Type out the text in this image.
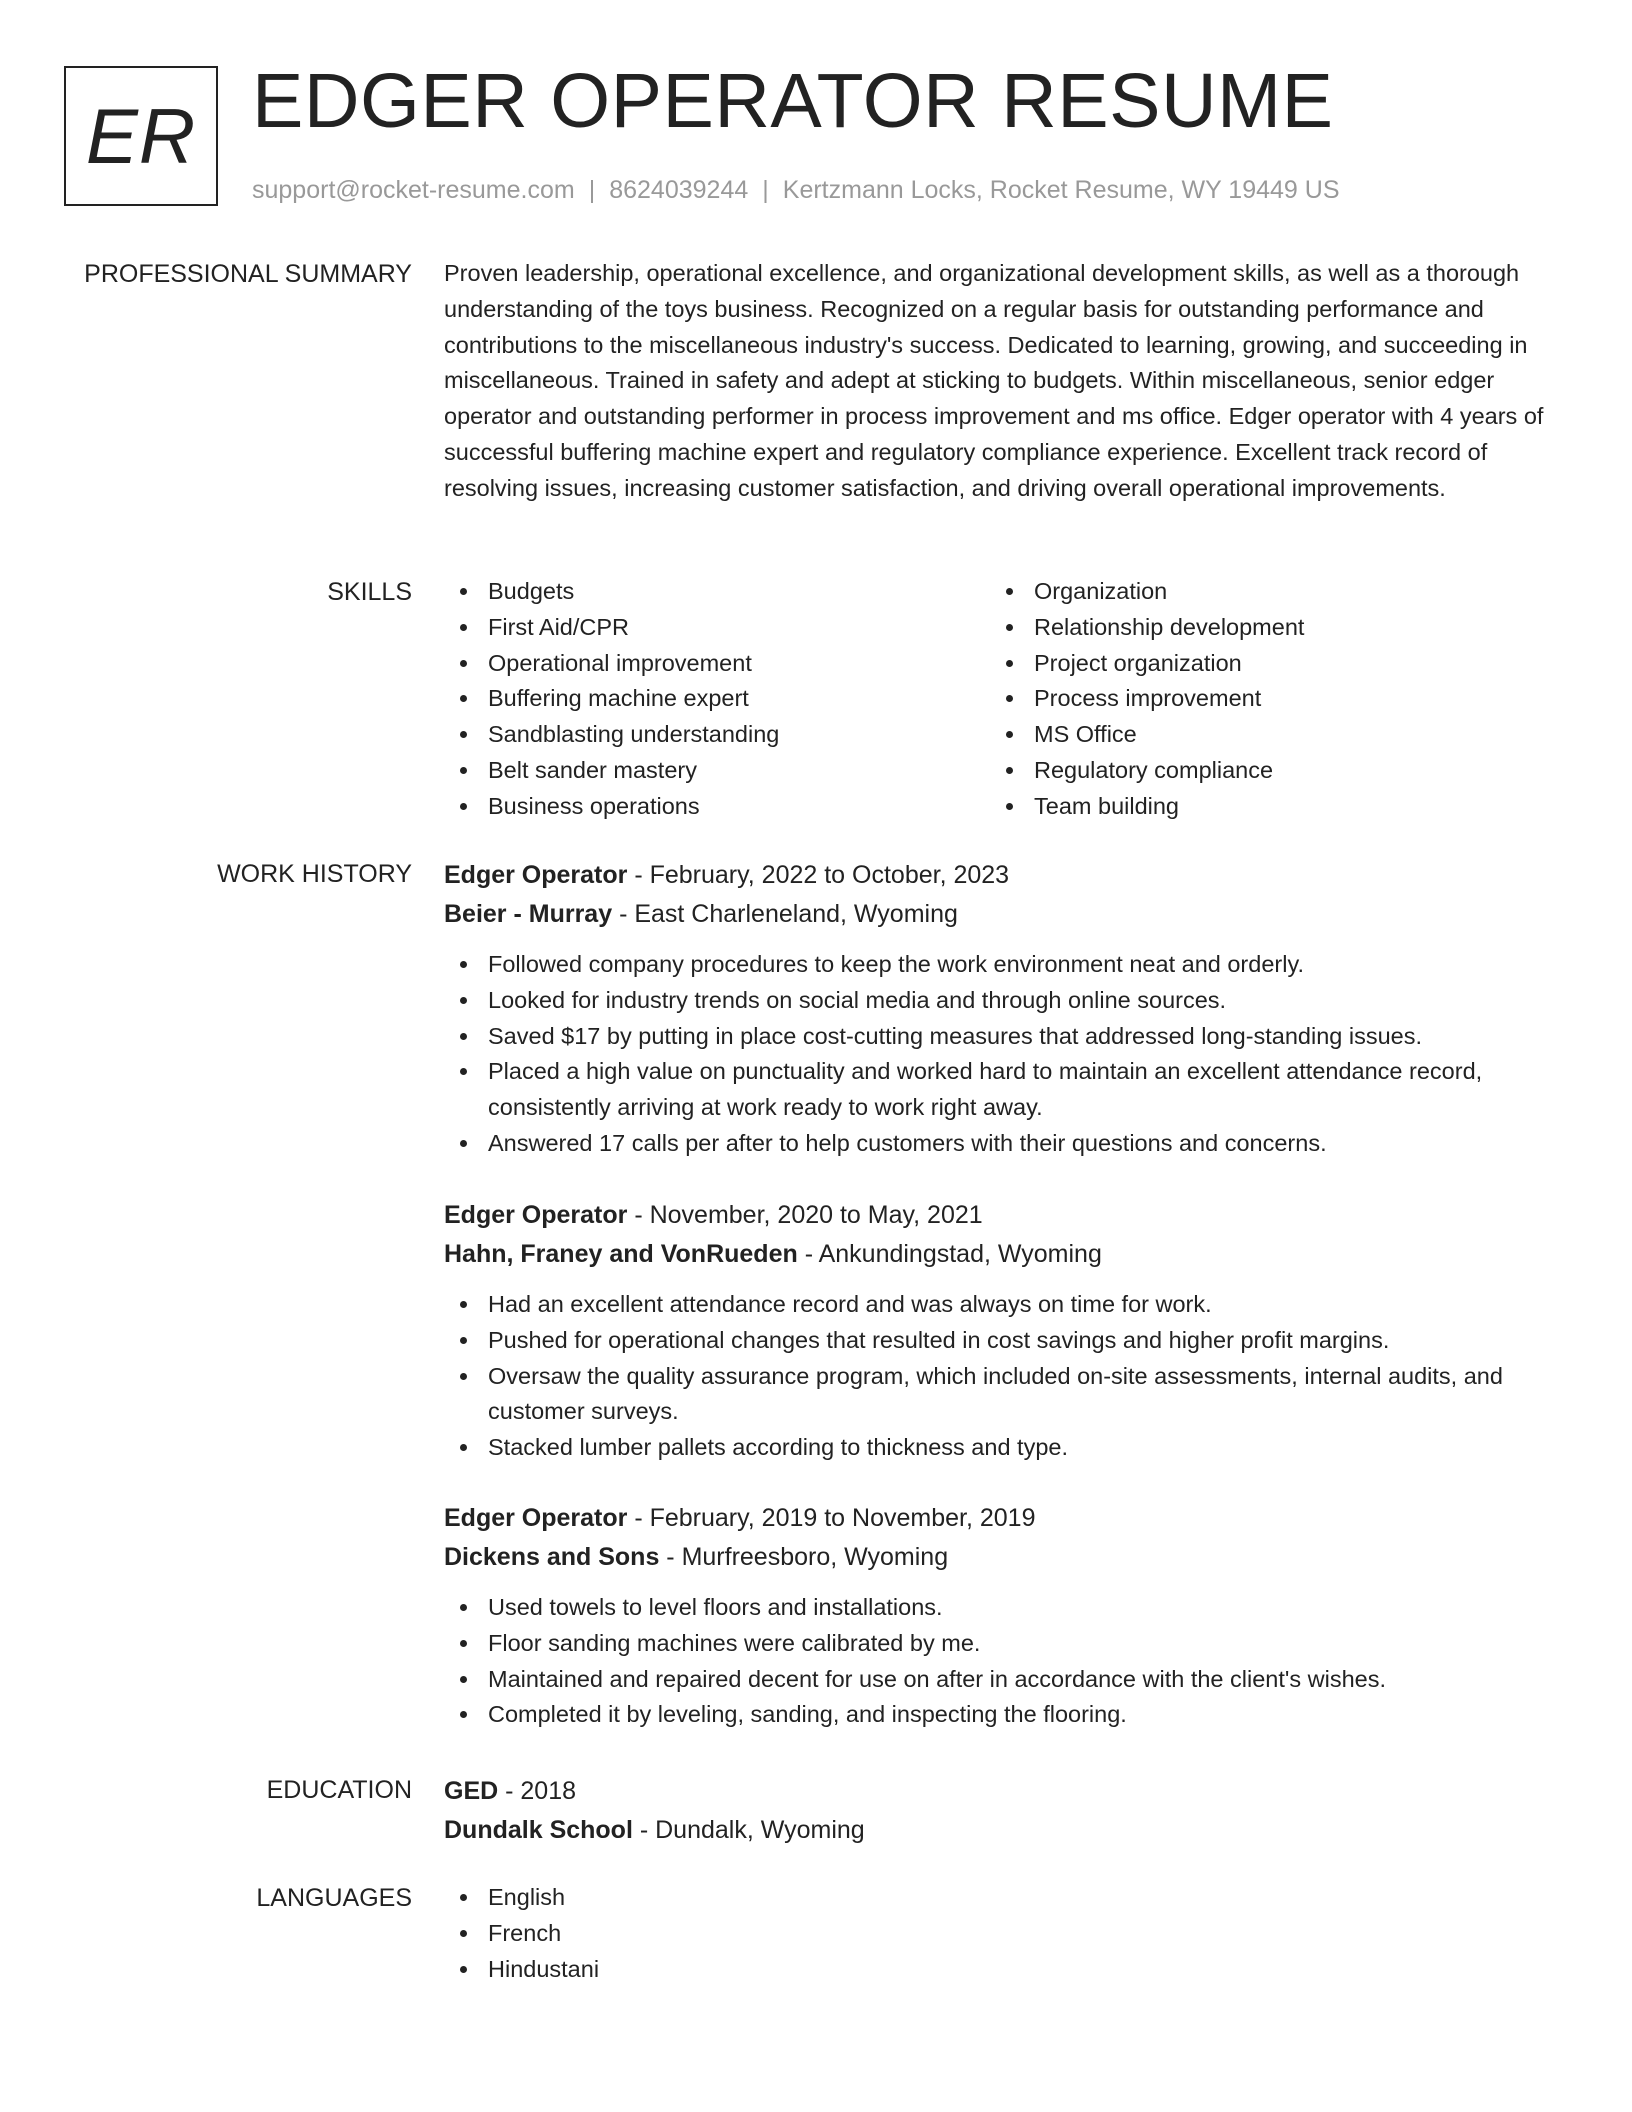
ER EDGER OPERATOR RESUME
support@rocket-resume.com | 8624039244 | Kertzmann Locks, Rocket Resume, WY 19449 US
PROFESSIONAL SUMMARY Proven leadership, operational excellence, and organizational development skills, as well as a thorough understanding of the toys business. Recognized on a regular basis for outstanding performance and contributions to the miscellaneous industry's success. Dedicated to learning, growing, and succeeding in miscellaneous. Trained in safety and adept at sticking to budgets. Within miscellaneous, senior edger operator and outstanding performer in process improvement and ms office. Edger operator with 4 years of successful buffering machine expert and regulatory compliance experience. Excellent track record of resolving issues, increasing customer satisfaction, and driving overall operational improvements.

SKILLS	Budgets
First Aid/CPR
Operational improvement
Buffering machine expert
Sandblasting understanding
Belt sander mastery
Business operations
Organization
Relationship development
Project organization
Process improvement
MS Office
Regulatory compliance
Team building
WORK HISTORY Edger Operator - February, 2022 to October, 2023
Beier - Murray - East Charleneland, Wyoming
Followed company procedures to keep the work environment neat and orderly.
Looked for industry trends on social media and through online sources.
Saved $17 by putting in place cost-cutting measures that addressed long-standing issues.
Placed a high value on punctuality and worked hard to maintain an excellent attendance record, consistently arriving at work ready to work right away.
Answered 17 calls per after to help customers with their questions and concerns.
Edger Operator - November, 2020 to May, 2021
Hahn, Franey and VonRueden - Ankundingstad, Wyoming
Had an excellent attendance record and was always on time for work.
Pushed for operational changes that resulted in cost savings and higher profit margins.
Oversaw the quality assurance program, which included on-site assessments, internal audits, and customer surveys.
Stacked lumber pallets according to thickness and type.
Edger Operator - February, 2019 to November, 2019
Dickens and Sons - Murfreesboro, Wyoming
Used towels to level floors and installations.
Floor sanding machines were calibrated by me.
Maintained and repaired decent for use on after in accordance with the client's wishes.
Completed it by leveling, sanding, and inspecting the flooring.
EDUCATION GED - 2018
Dundalk School - Dundalk, Wyoming
LANGUAGES	English
French
Hindustani
